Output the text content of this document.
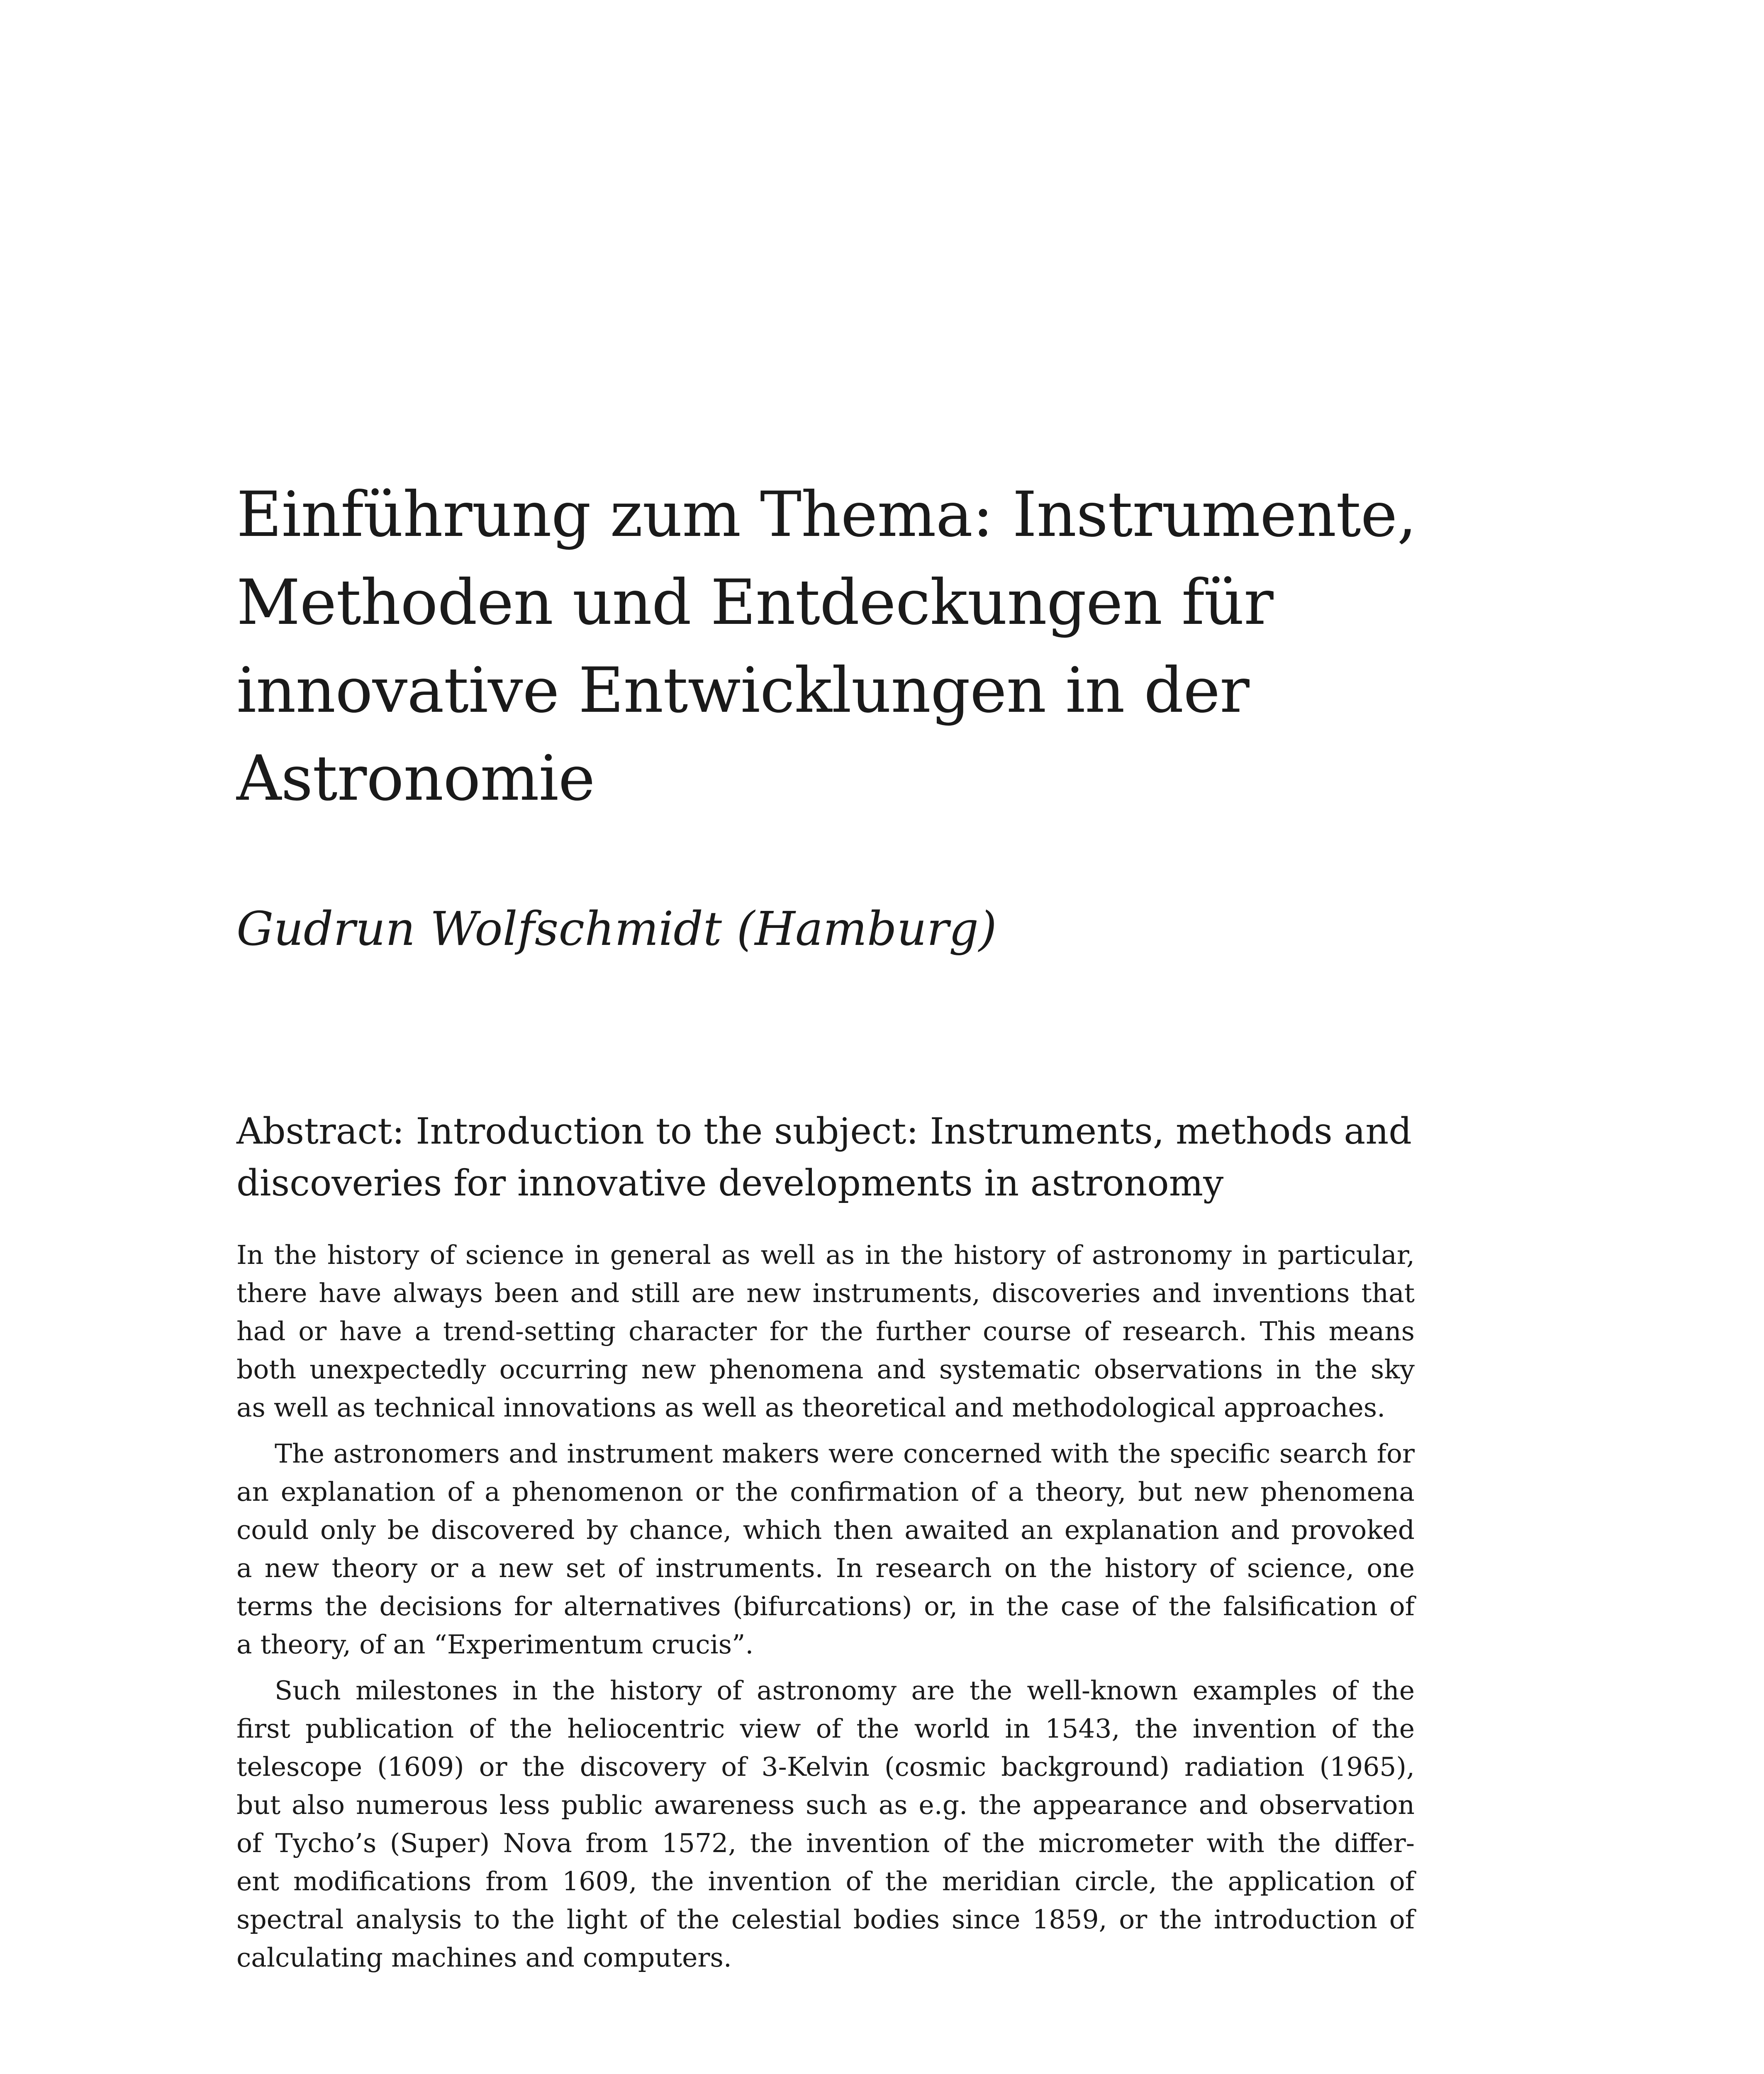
Einführung zum Thema: Instrumente,
Methoden und Entdeckungen für
innovative Entwicklungen in der
Astronomie
Gudrun Wolfschmidt (Hamburg)
Abstract: Introduction to the subject: Instruments, methods and
discoveries for innovative developments in astronomy

In the history of science in general as well as in the history of astronomy in particular,
there have always been and still are new instruments, discoveries and inventions that
had or have a trend-setting character for the further course of research. This means
both unexpectedly occurring new phenomena and systematic observations in the sky
as well as technical innovations as well as theoretical and methodological approaches.

The astronomers and instrument makers were concerned with the specific search for
an explanation of a phenomenon or the confirmation of a theory, but new phenomena
could only be discovered by chance, which then awaited an explanation and provoked
a new theory or a new set of instruments. In research on the history of science, one
terms the decisions for alternatives (bifurcations) or, in the case of the falsification of
a theory, of an “Experimentum crucis”.

Such milestones in the history of astronomy are the well-known examples of the
first publication of the heliocentric view of the world in 1543, the invention of the
telescope (1609) or the discovery of 3-Kelvin (cosmic background) radiation (1965),
but also numerous less public awareness such as e.g. the appearance and observation
of Tycho’s (Super) Nova from 1572, the invention of the micrometer with the differ-
ent modifications from 1609, the invention of the meridian circle, the application of
spectral analysis to the light of the celestial bodies since 1859, or the introduction of
calculating machines and computers.
